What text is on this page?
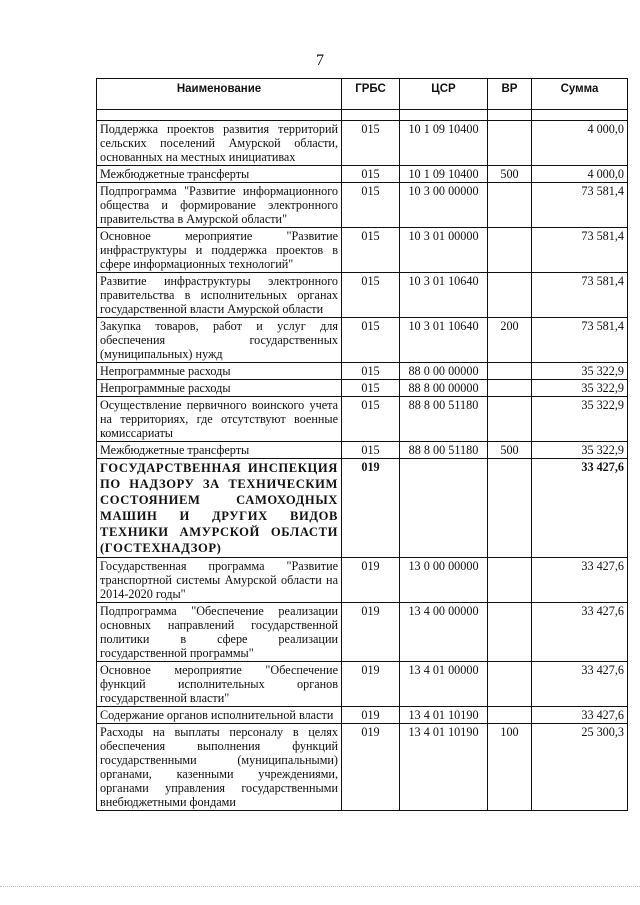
7
Наименование	ГРБС	ЦСР	ВР	Сумма

Поддержка проектов развития территорий сельских поселений Амурской области, основанных на местных инициативах	015	10 1 09 10400		4 000,0
Межбюджетные трансферты	015	10 1 09 10400	500	4 000,0
Подпрограмма "Развитие информационного общества и формирование электронного правительства в Амурской области"	015	10 3 00 00000		73 581,4
Основное мероприятие "Развитие инфраструктуры и поддержка проектов в сфере информационных технологий"	015	10 3 01 00000		73 581,4
Развитие инфраструктуры электронного правительства в исполнительных органах государственной власти Амурской области	015	10 3 01 10640		73 581,4
Закупка товаров, работ и услуг для обеспечения государственных (муниципальных) нужд	015	10 3 01 10640	200	73 581,4
Непрограммные расходы	015	88 0 00 00000		35 322,9
Непрограммные расходы	015	88 8 00 00000		35 322,9
Осуществление первичного воинского учета на территориях, где отсутствуют военные комиссариаты	015	88 8 00 51180		35 322,9
Межбюджетные трансферты	015	88 8 00 51180	500	35 322,9
ГОСУДАРСТВЕННАЯ ИНСПЕКЦИЯ ПО НАДЗОРУ ЗА ТЕХНИЧЕСКИМ СОСТОЯНИЕМ САМОХОДНЫХ МАШИН И ДРУГИХ ВИДОВ ТЕХНИКИ АМУРСКОЙ ОБЛАСТИ (ГОСТЕХНАДЗОР)	019			33 427,6
Государственная программа "Развитие транспортной системы Амурской области на 2014-2020 годы"	019	13 0 00 00000		33 427,6
Подпрограмма "Обеспечение реализации основных направлений государственной политики в сфере реализации государственной программы"	019	13 4 00 00000		33 427,6
Основное мероприятие "Обеспечение функций исполнительных органов государственной власти"	019	13 4 01 00000		33 427,6
Содержание органов исполнительной власти	019	13 4 01 10190		33 427,6
Расходы на выплаты персоналу в целях обеспечения выполнения функций государственными (муниципальными) органами, казенными учреждениями, органами управления государственными внебюджетными фондами	019	13 4 01 10190	100	25 300,3
